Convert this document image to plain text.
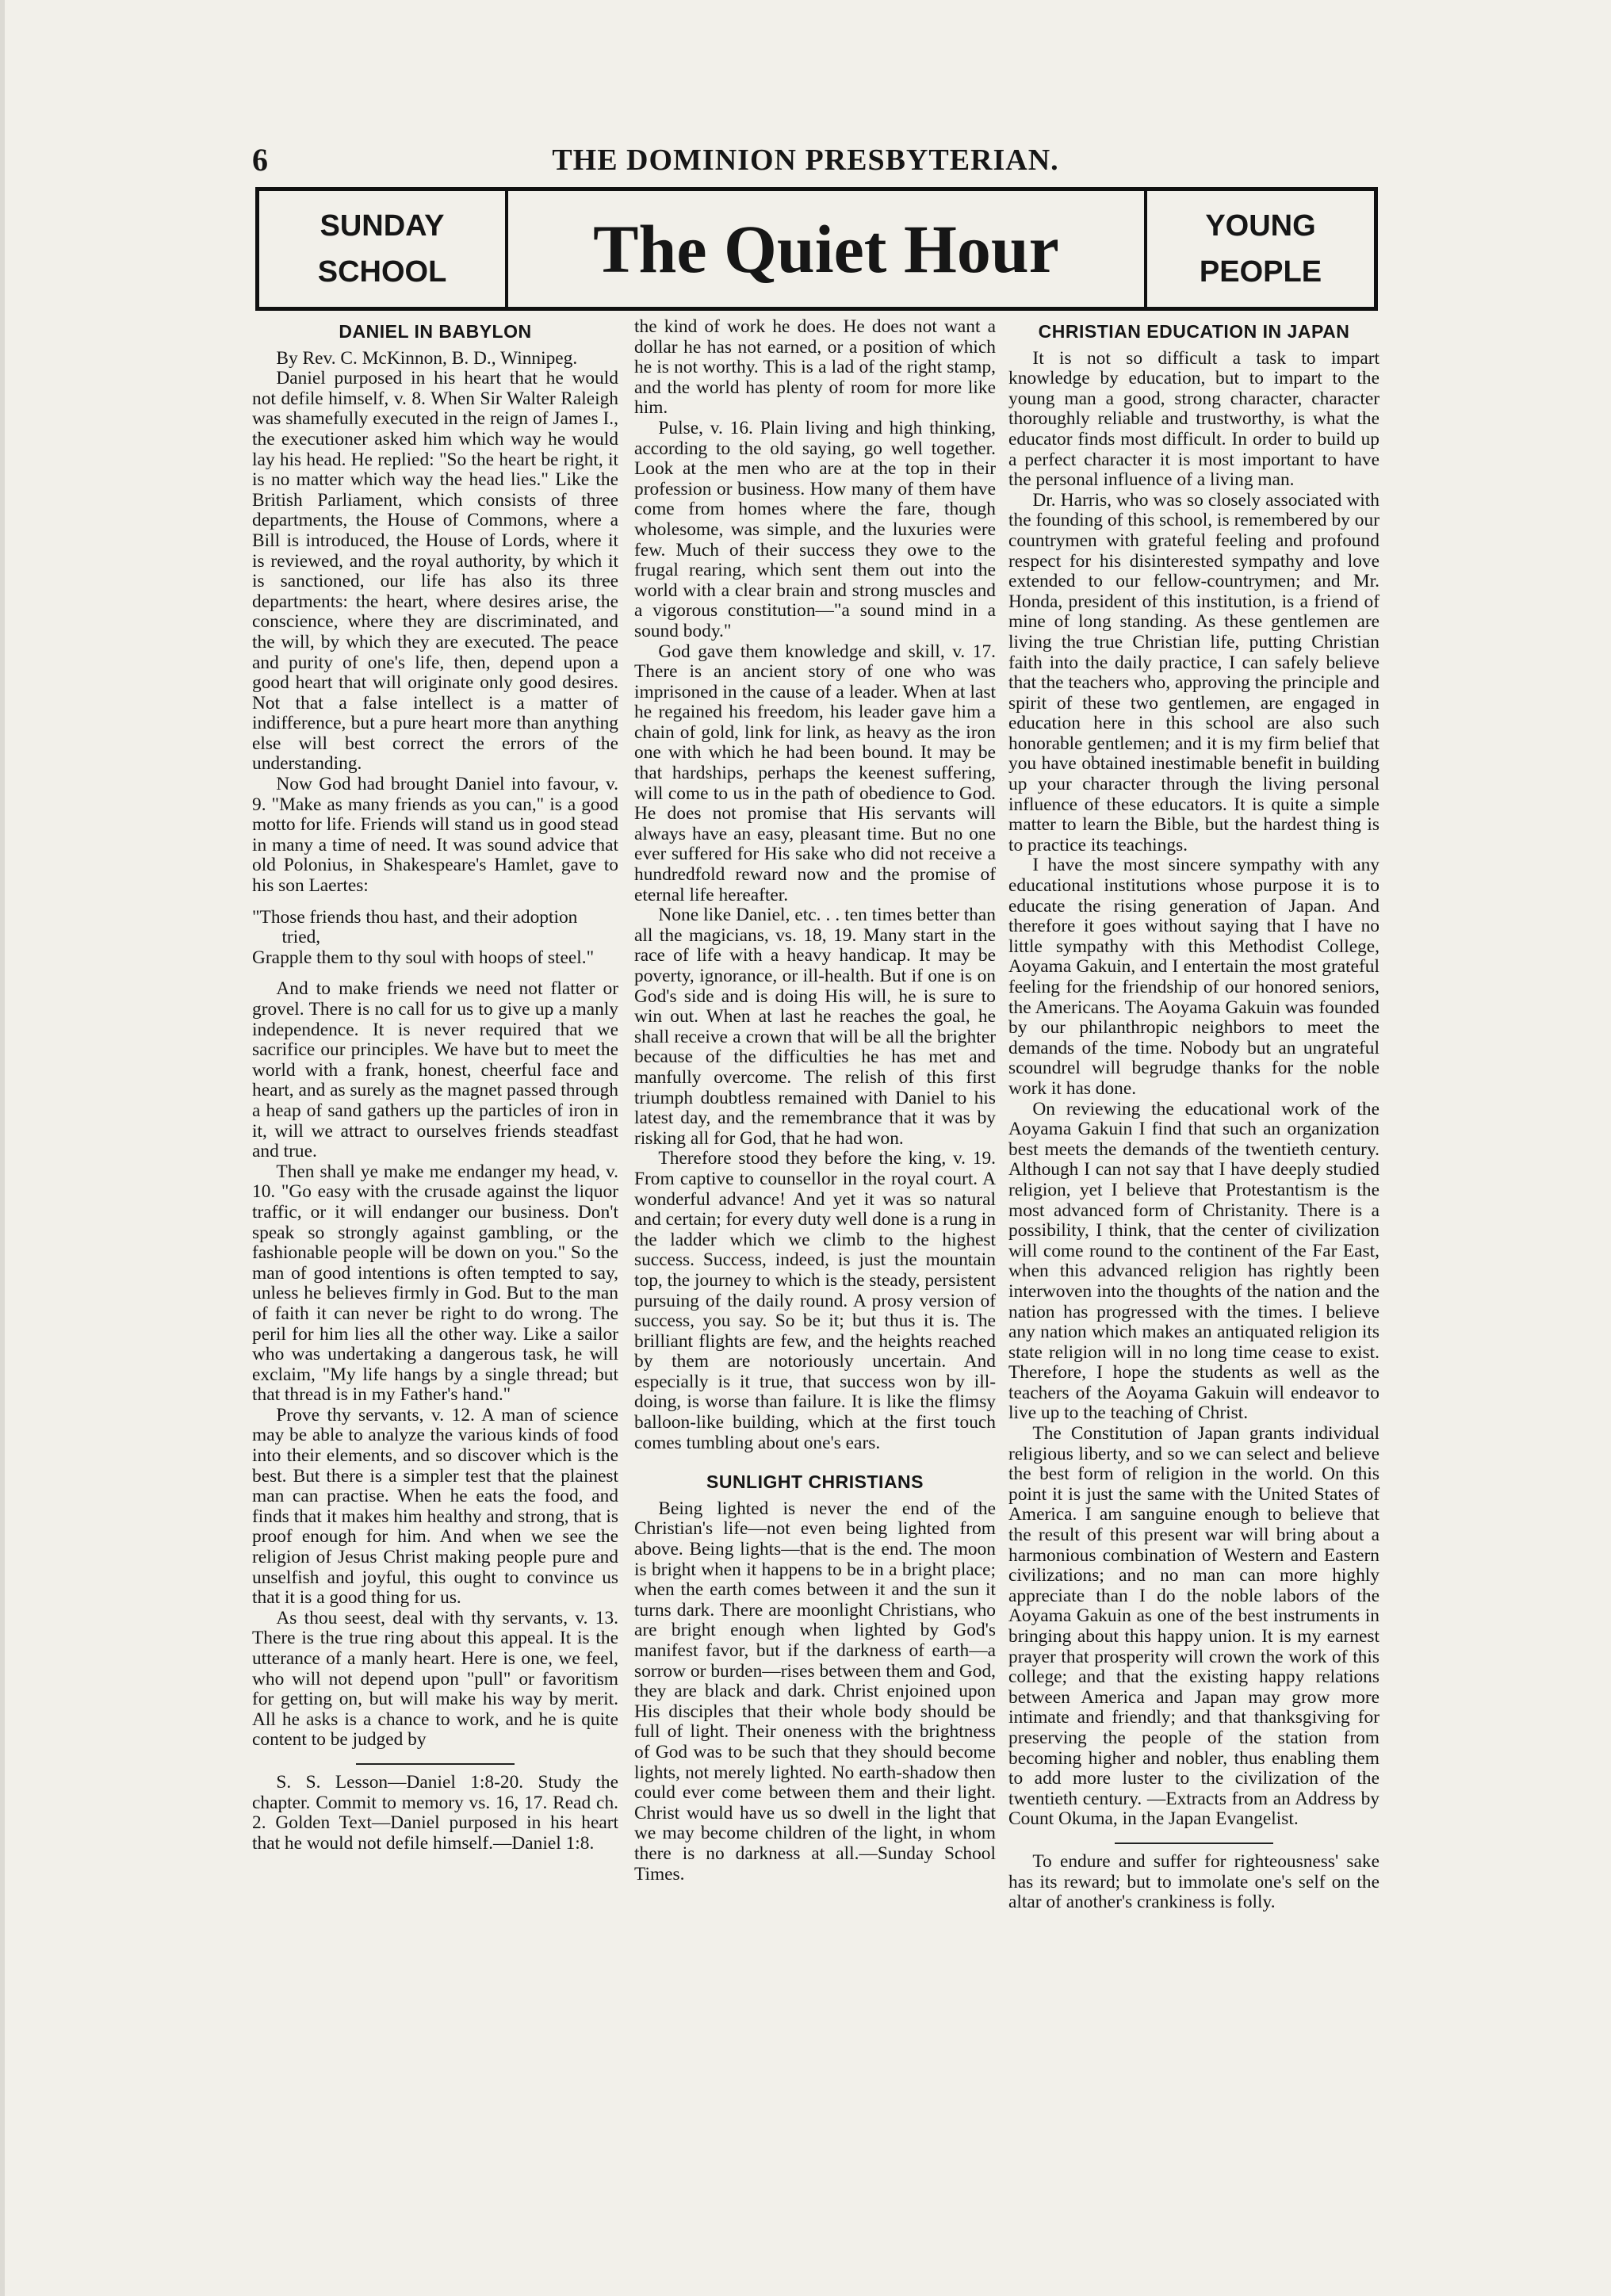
6	THE DOMINION PRESBYTERIAN.
SUNDAY
SCHOOL	The Quiet Hour	YOUNG
PEOPLE
DANIEL IN BABYLON

By Rev. C. McKinnon, B. D., Winnipeg.

Daniel purposed in his heart that he would not defile himself, v. 8. When Sir Walter Raleigh was shamefully executed in the reign of James I., the executioner asked him which way he would lay his head. He replied: "So the heart be right, it is no matter which way the head lies." Like the British Parliament, which consists of three departments, the House of Commons, where a Bill is introduced, the House of Lords, where it is reviewed, and the royal authority, by which it is sanctioned, our life has also its three departments: the heart, where desires arise, the conscience, where they are discriminated, and the will, by which they are executed. The peace and purity of one's life, then, depend upon a good heart that will originate only good desires. Not that a false intellect is a matter of indifference, but a pure heart more than anything else will best correct the errors of the understanding.

Now God had brought Daniel into favour, v. 9. "Make as many friends as you can," is a good motto for life. Friends will stand us in good stead in many a time of need. It was sound advice that old Polonius, in Shakespeare's Hamlet, gave to his son Laertes:

"Those friends thou hast, and their adoption tried,
Grapple them to thy soul with hoops of steel."

And to make friends we need not flatter or grovel. There is no call for us to give up a manly independence. It is never required that we sacrifice our principles. We have but to meet the world with a frank, honest, cheerful face and heart, and as surely as the magnet passed through a heap of sand gathers up the particles of iron in it, will we attract to ourselves friends steadfast and true.

Then shall ye make me endanger my head, v. 10. "Go easy with the crusade against the liquor traffic, or it will endanger our business. Don't speak so strongly against gambling, or the fashionable people will be down on you." So the man of good intentions is often tempted to say, unless he believes firmly in God. But to the man of faith it can never be right to do wrong. The peril for him lies all the other way. Like a sailor who was undertaking a dangerous task, he will exclaim, "My life hangs by a single thread; but that thread is in my Father's hand."

Prove thy servants, v. 12. A man of science may be able to analyze the various kinds of food into their elements, and so discover which is the best. But there is a simpler test that the plainest man can practise. When he eats the food, and finds that it makes him healthy and strong, that is proof enough for him. And when we see the religion of Jesus Christ making people pure and unselfish and joyful, this ought to convince us that it is a good thing for us.

As thou seest, deal with thy servants, v. 13. There is the true ring about this appeal. It is the utterance of a manly heart. Here is one, we feel, who will not depend upon "pull" or favoritism for getting on, but will make his way by merit. All he asks is a chance to work, and he is quite content to be judged by

S. S. Lesson—Daniel 1:8-20. Study the chapter. Commit to memory vs. 16, 17. Read ch. 2. Golden Text—Daniel purposed in his heart that he would not defile himself.—Daniel 1:8.

the kind of work he does. He does not want a dollar he has not earned, or a position of which he is not worthy. This is a lad of the right stamp, and the world has plenty of room for more like him.

Pulse, v. 16. Plain living and high thinking, according to the old saying, go well together. Look at the men who are at the top in their profession or business. How many of them have come from homes where the fare, though wholesome, was simple, and the luxuries were few. Much of their success they owe to the frugal rearing, which sent them out into the world with a clear brain and strong muscles and a vigorous constitution—"a sound mind in a sound body."

God gave them knowledge and skill, v. 17. There is an ancient story of one who was imprisoned in the cause of a leader. When at last he regained his freedom, his leader gave him a chain of gold, link for link, as heavy as the iron one with which he had been bound. It may be that hardships, perhaps the keenest suffering, will come to us in the path of obedience to God. He does not promise that His servants will always have an easy, pleasant time. But no one ever suffered for His sake who did not receive a hundredfold reward now and the promise of eternal life hereafter.

None like Daniel, etc. . . ten times better than all the magicians, vs. 18, 19. Many start in the race of life with a heavy handicap. It may be poverty, ignorance, or ill-health. But if one is on God's side and is doing His will, he is sure to win out. When at last he reaches the goal, he shall receive a crown that will be all the brighter because of the difficulties he has met and manfully overcome. The relish of this first triumph doubtless remained with Daniel to his latest day, and the remembrance that it was by risking all for God, that he had won.

Therefore stood they before the king, v. 19. From captive to counsellor in the royal court. A wonderful advance! And yet it was so natural and certain; for every duty well done is a rung in the ladder which we climb to the highest success. Success, indeed, is just the mountain top, the journey to which is the steady, persistent pursuing of the daily round. A prosy version of success, you say. So be it; but thus it is. The brilliant flights are few, and the heights reached by them are notoriously uncertain. And especially is it true, that success won by ill-doing, is worse than failure. It is like the flimsy balloon-like building, which at the first touch comes tumbling about one's ears.

SUNLIGHT CHRISTIANS

Being lighted is never the end of the Christian's life—not even being lighted from above. Being lights—that is the end. The moon is bright when it happens to be in a bright place; when the earth comes between it and the sun it turns dark. There are moonlight Christians, who are bright enough when lighted by God's manifest favor, but if the darkness of earth—a sorrow or burden—rises between them and God, they are black and dark. Christ enjoined upon His disciples that their whole body should be full of light. Their oneness with the brightness of God was to be such that they should become lights, not merely lighted. No earth-shadow then could ever come between them and their light. Christ would have us so dwell in the light that we may become children of the light, in whom there is no darkness at all.—Sunday School Times.

CHRISTIAN EDUCATION IN JAPAN

It is not so difficult a task to impart knowledge by education, but to impart to the young man a good, strong character, character thoroughly reliable and trustworthy, is what the educator finds most difficult. In order to build up a perfect character it is most important to have the personal influence of a living man.

Dr. Harris, who was so closely associated with the founding of this school, is remembered by our countrymen with grateful feeling and profound respect for his disinterested sympathy and love extended to our fellow-countrymen; and Mr. Honda, president of this institution, is a friend of mine of long standing. As these gentlemen are living the true Christian life, putting Christian faith into the daily practice, I can safely believe that the teachers who, approving the principle and spirit of these two gentlemen, are engaged in education here in this school are also such honorable gentlemen; and it is my firm belief that you have obtained inestimable benefit in building up your character through the living personal influence of these educators. It is quite a simple matter to learn the Bible, but the hardest thing is to practice its teachings.

I have the most sincere sympathy with any educational institutions whose purpose it is to educate the rising generation of Japan. And therefore it goes without saying that I have no little sympathy with this Methodist College, Aoyama Gakuin, and I entertain the most grateful feeling for the friendship of our honored seniors, the Americans. The Aoyama Gakuin was founded by our philanthropic neighbors to meet the demands of the time. Nobody but an ungrateful scoundrel will begrudge thanks for the noble work it has done.

On reviewing the educational work of the Aoyama Gakuin I find that such an organization best meets the demands of the twentieth century. Although I can not say that I have deeply studied religion, yet I believe that Protestantism is the most advanced form of Christanity. There is a possibility, I think, that the center of civilization will come round to the continent of the Far East, when this advanced religion has rightly been interwoven into the thoughts of the nation and the nation has progressed with the times. I believe any nation which makes an antiquated religion its state religion will in no long time cease to exist. Therefore, I hope the students as well as the teachers of the Aoyama Gakuin will endeavor to live up to the teaching of Christ.

The Constitution of Japan grants individual religious liberty, and so we can select and believe the best form of religion in the world. On this point it is just the same with the United States of America. I am sanguine enough to believe that the result of this present war will bring about a harmonious combination of Western and Eastern civilizations; and no man can more highly appreciate than I do the noble labors of the Aoyama Gakuin as one of the best instruments in bringing about this happy union. It is my earnest prayer that prosperity will crown the work of this college; and that the existing happy relations between America and Japan may grow more intimate and friendly; and that thanksgiving for preserving the people of the station from becoming higher and nobler, thus enabling them to add more luster to the civilization of the twentieth century. —Extracts from an Address by Count Okuma, in the Japan Evangelist.

To endure and suffer for righteousness' sake has its reward; but to immolate one's self on the altar of another's crankiness is folly.
